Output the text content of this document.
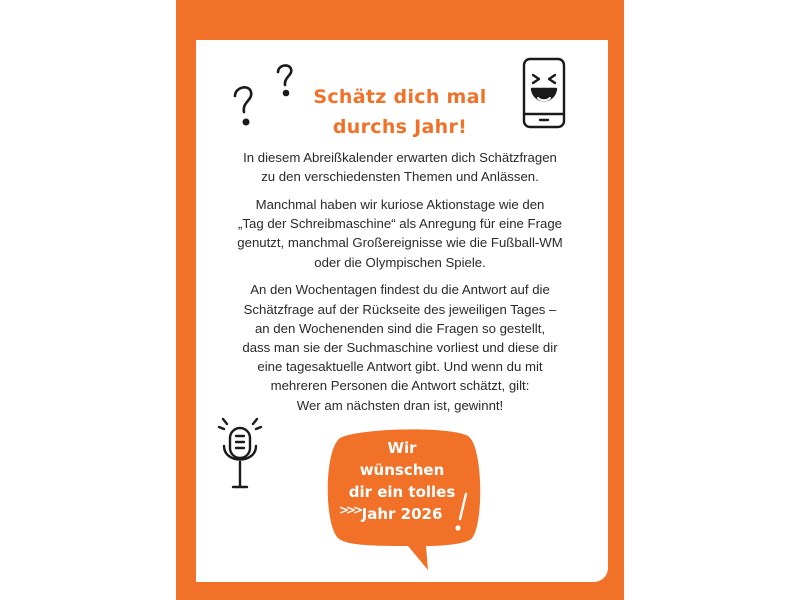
Schätz dich mal
durchs Jahr!

In diesem Abreißkalender erwarten dich Schätzfragen
zu den verschiedensten Themen und Anlässen.

Manchmal haben wir kuriose Aktionstage wie den
„Tag der Schreibmaschine“ als Anregung für eine Frage
genutzt, manchmal Großereignisse wie die Fußball-WM
oder die Olympischen Spiele.

An den Wochentagen findest du die Antwort auf die
Schätzfrage auf der Rückseite des jeweiligen Tages –
an den Wochenenden sind die Fragen so gestellt,
dass man sie der Suchmaschine vorliest und diese dir
eine tagesaktuelle Antwort gibt. Und wenn du mit
mehreren Personen die Antwort schätzt, gilt:
Wer am nächsten dran ist, gewinnt!

Wir
wünschen
dir ein tolles
Jahr 2026
>>>
